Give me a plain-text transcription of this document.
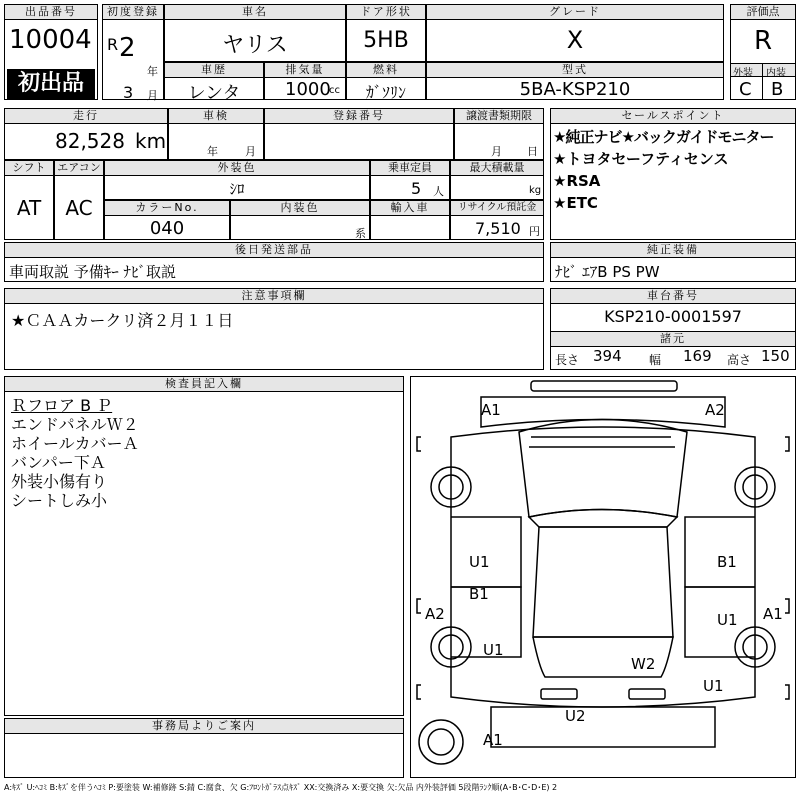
出品番号
10004
初出品
初度登録
R 2
年
3 月
車名
ヤリス
ドア形状
5HB
グレード
X
評価点
R
外装 内装
C B
車歴
レンタ
排気量
1000
cc
燃料
ｶﾞｿﾘﾝ
型式
5BA-KSP210
走行
82,528 km
車検
年 月
登録番号	譲渡書類期限
月 日
シフト
AT
エアコン
AC
外装色
ｼﾛ
乗車定員
5 人
最大積載量
kg
カラーNo.
040
内装色
系
輸入車	リサイクル預託金
7,510 円
セールスポイント
★純正ナビ★バックガイドモニター
★トヨタセーフティセンス
★RSA
★ETC
後日発送部品
車両取説 予備ｷｰ ﾅﾋﾞ取説
純正装備
ﾅﾋﾞ ｴｱB PS PW
注意事項欄
★ＣＡＡカークリ済２月１１日
車台番号
KSP210-0001597
諸元
長さ 394 幅 169 高さ 150
検査員記入欄
Ｒフロア B Ｐ
エンドパネルＷ２
ホイールカバーＡ
バンパー下Ａ
外装小傷有り
シートしみ小
事務局よりご案内
A1	A2
U1	B1
A2	U1
B1
U1
A1
W2
U1
U2
A1
A:ｷｽﾞ U:ﾍｺﾐ B:ｷｽﾞを伴うﾍｺﾐ P:要塗装 W:補修跡 S:錆 C:腐食、欠 G:ﾌﾛﾝﾄｶﾞﾗｽ点ｷｽﾞ XX:交換済み X:要交換 欠:欠品 内外装評価 5段階ﾗﾝｸ順(A･B･C･D･E) 2
